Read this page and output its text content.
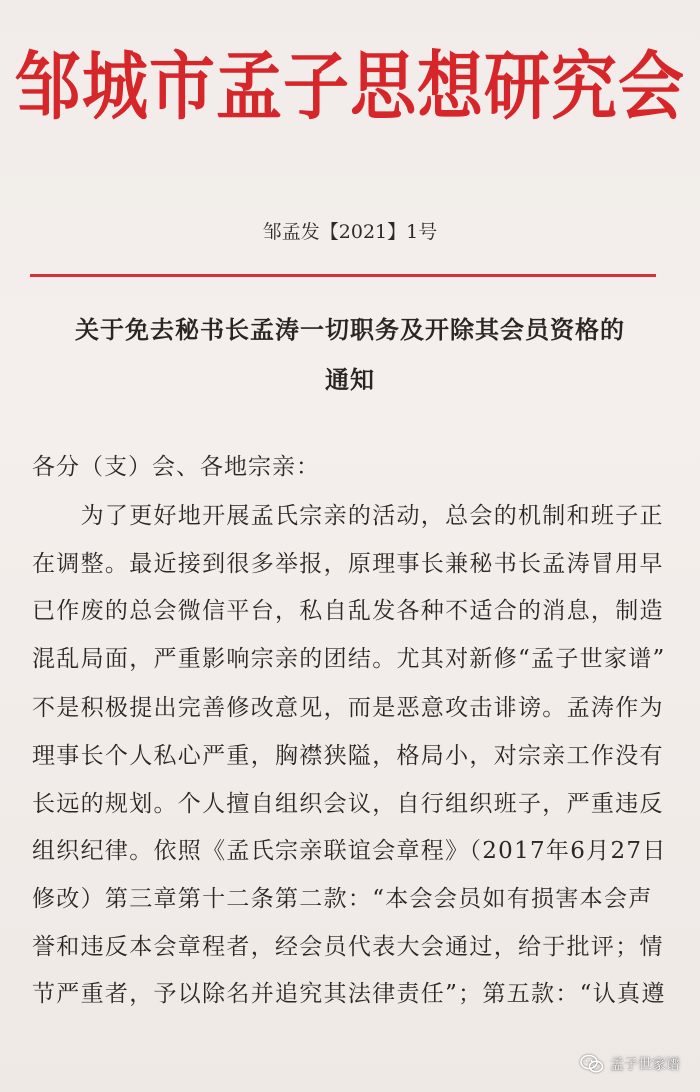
邹城市孟子思想研究会
邹孟发【2021】1号
关于免去秘书长孟涛一切职务及开除其会员资格的
通知
各分（支）会、各地宗亲：
　　为了更好地开展孟氏宗亲的活动，总会的机制和班子正
在调整。最近接到很多举报，原理事长兼秘书长孟涛冒用早
已作废的总会微信平台，私自乱发各种不适合的消息，制造
混乱局面，严重影响宗亲的团结。尤其对新修“孟子世家谱”
不是积极提出完善修改意见，而是恶意攻击诽谤。孟涛作为
理事长个人私心严重，胸襟狭隘，格局小，对宗亲工作没有
长远的规划。个人擅自组织会议，自行组织班子，严重违反
组织纪律。依照《孟氏宗亲联谊会章程》（2017年6月27日
修改）第三章第十二条第二款：“本会会员如有损害本会声
誉和违反本会章程者，经会员代表大会通过，给于批评；情
节严重者，予以除名并追究其法律责任”；第五款：“认真遵
孟子世家谱
